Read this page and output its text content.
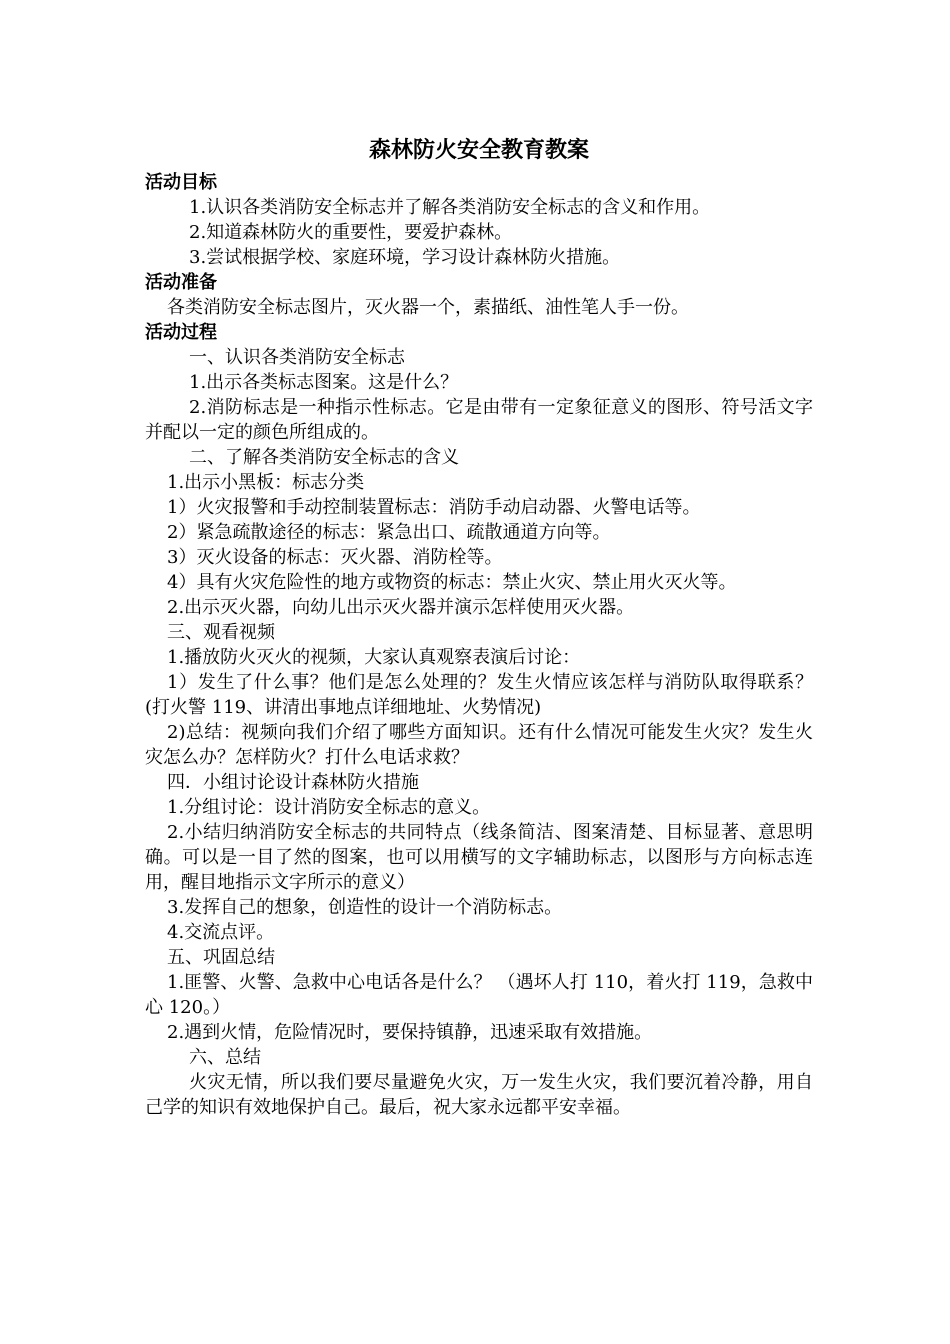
森林防火安全教育教案
活动目标
1.认识各类消防安全标志并了解各类消防安全标志的含义和作用。
2.知道森林防火的重要性，要爱护森林。
3.尝试根据学校、家庭环境，学习设计森林防火措施。
活动准备
各类消防安全标志图片，灭火器一个，素描纸、油性笔人手一份。
活动过程
一、认识各类消防安全标志
1.出示各类标志图案。这是什么？
2.消防标志是一种指示性标志。它是由带有一定象征意义的图形、符号活文字并配以一定的颜色所组成的。
二、了解各类消防安全标志的含义
1.出示小黑板：标志分类
1）火灾报警和手动控制装置标志：消防手动启动器、火警电话等。
2）紧急疏散途径的标志：紧急出口、疏散通道方向等。
3）灭火设备的标志：灭火器、消防栓等。
4）具有火灾危险性的地方或物资的标志：禁止火灾、禁止用火灭火等。
2.出示灭火器，向幼儿出示灭火器并演示怎样使用灭火器。
三、观看视频
1.播放防火灭火的视频，大家认真观察表演后讨论：
1）发生了什么事？他们是怎么处理的？发生火情应该怎样与消防队取得联系？(打火警 119、讲清出事地点详细地址、火势情况)
2)总结：视频向我们介绍了哪些方面知识。还有什么情况可能发生火灾？发生火灾怎么办？怎样防火？打什么电话求救？
四．小组讨论设计森林防火措施
1.分组讨论：设计消防安全标志的意义。
2.小结归纳消防安全标志的共同特点（线条简洁、图案清楚、目标显著、意思明确。可以是一目了然的图案，也可以用横写的文字辅助标志，以图形与方向标志连用，醒目地指示文字所示的意义）
3.发挥自己的想象，创造性的设计一个消防标志。
4.交流点评。
五、巩固总结
1.匪警、火警、急救中心电话各是什么？ （遇坏人打 110，着火打 119，急救中心 120。）
2.遇到火情，危险情况时，要保持镇静，迅速采取有效措施。
六、总结
火灾无情，所以我们要尽量避免火灾，万一发生火灾，我们要沉着冷静，用自己学的知识有效地保护自己。最后，祝大家永远都平安幸福。
